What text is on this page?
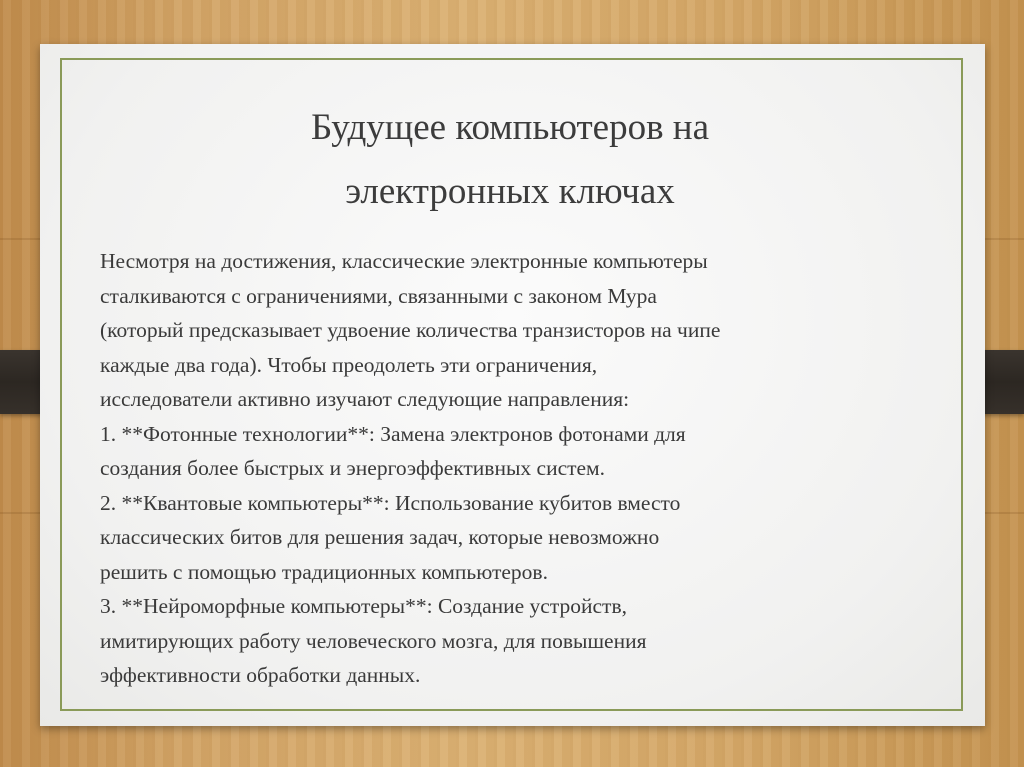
Будущее компьютеров на
электронных ключах
Несмотря на достижения, классические электронные компьютеры
сталкиваются с ограничениями, связанными с законом Мура
(который предсказывает удвоение количества транзисторов на чипе
каждые два года). Чтобы преодолеть эти ограничения,
исследователи активно изучают следующие направления:
1. **Фотонные технологии**: Замена электронов фотонами для
создания более быстрых и энергоэффективных систем.
2. **Квантовые компьютеры**: Использование кубитов вместо
классических битов для решения задач, которые невозможно
решить с помощью традиционных компьютеров.
3. **Нейроморфные компьютеры**: Создание устройств,
имитирующих работу человеческого мозга, для повышения
эффективности обработки данных.
